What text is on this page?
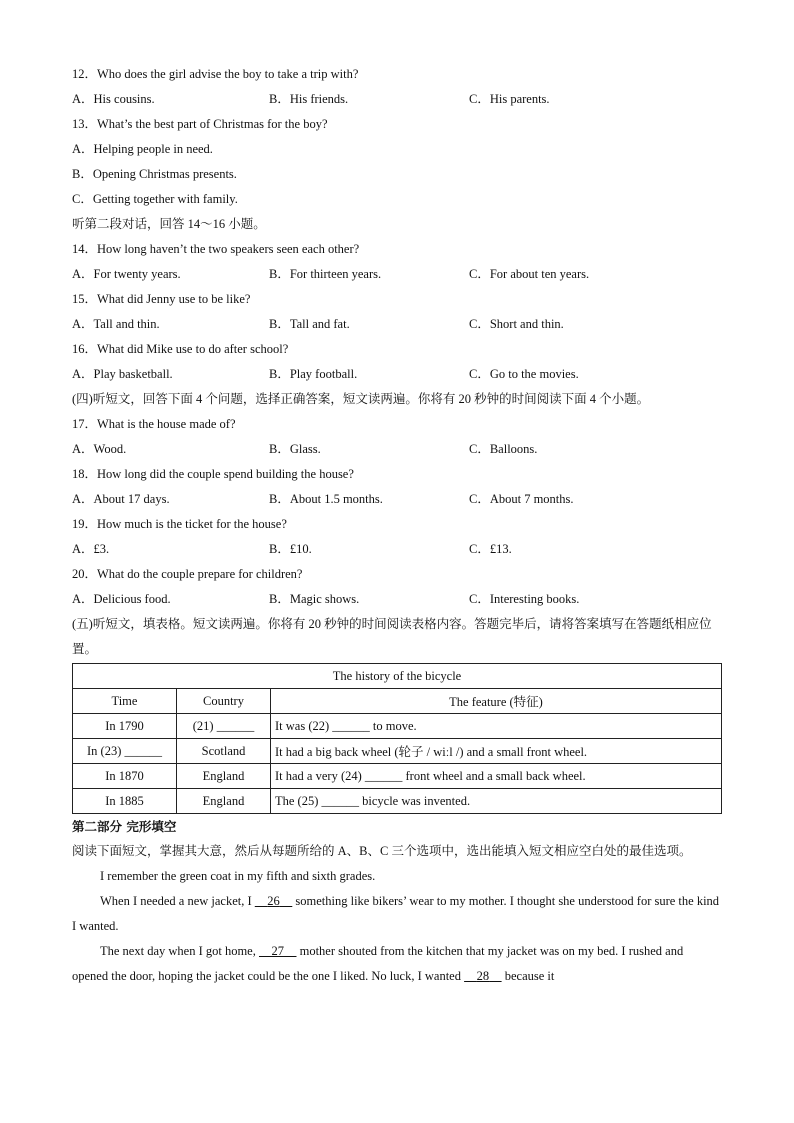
12．Who does the girl advise the boy to take a trip with?
A．His cousins.	B．His friends.	C．His parents.
13．What’s the best part of Christmas for the boy?
A．Helping people in need.
B．Opening Christmas presents.
C．Getting together with family.
听第二段对话，回答 14～16 小题。
14．How long haven’t the two speakers seen each other?
A．For twenty years.	B．For thirteen years.	C．For about ten years.
15．What did Jenny use to be like?
A．Tall and thin.	B．Tall and fat.	C．Short and thin.
16．What did Mike use to do after school?
A．Play basketball.	B．Play football.	C．Go to the movies.
(四)听短文，回答下面 4 个问题，选择正确答案，短文读两遍。你将有 20 秒钟的时间阅读下面 4 个小题。
17．What is the house made of?
A．Wood.	B．Glass.	C．Balloons.
18．How long did the couple spend building the house?
A．About 17 days.	B．About 1.5 months.	C．About 7 months.
19．How much is the ticket for the house?
A．£3.	B．£10.	C．£13.
20．What do the couple prepare for children?
A．Delicious food.	B．Magic shows.	C．Interesting books.
(五)听短文，填表格。短文读两遍。你将有 20 秒钟的时间阅读表格内容。答题完毕后，请将答案填写在答题纸相应位置。
The history of the bicycle		
Time	Country	The feature (特征)
In 1790	(21) ______	It was (22) ______ to move.
In (23) ______	Scotland	It had a big back wheel (轮子 / wiːl /) and a small front wheel.
In 1870	England	It had a very (24) ______ front wheel and a small back wheel.
In 1885	England	The (25) ______ bicycle was invented.
第二部分 完形填空
阅读下面短文，掌握其大意，然后从每题所给的 A、B、C 三个选项中，选出能填入短文相应空白处的最佳选项。
I remember the green coat in my fifth and sixth grades.
When I needed a new jacket, I     26     something like bikers’ wear to my mother. I thought she understood for sure the kind I wanted.
The next day when I got home,     27     mother shouted from the kitchen that my jacket was on my bed. I rushed and opened the door, hoping the jacket could be the one I liked. No luck, I wanted     28     because it
